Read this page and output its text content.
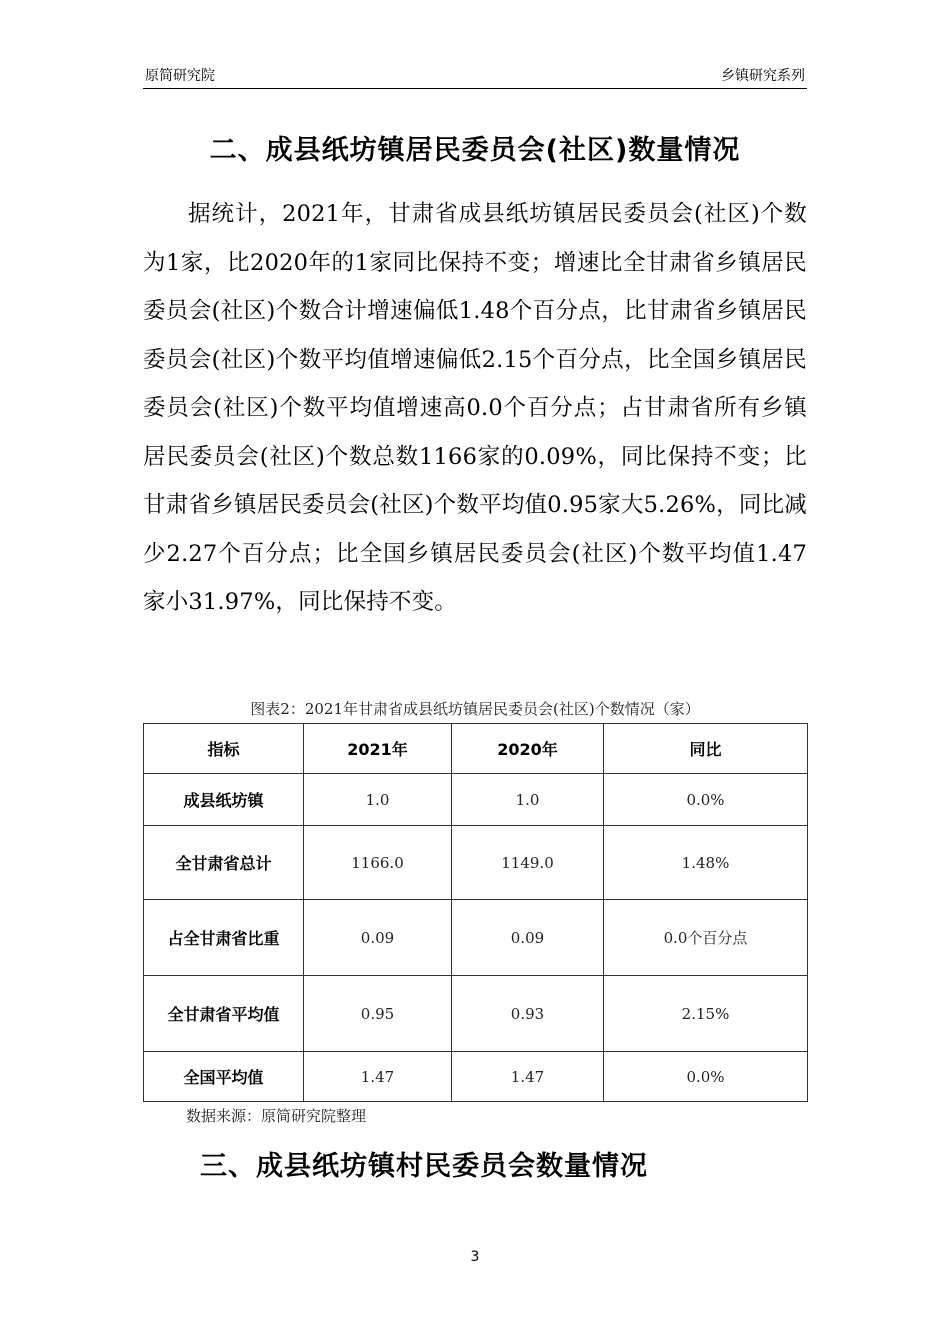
原简研究院	乡镇研究系列
二、成县纸坊镇居民委员会(社区)数量情况

据统计，2021年，甘肃省成县纸坊镇居民委员会(社区)个数为1家，比2020年的1家同比保持不变；增速比全甘肃省乡镇居民委员会(社区)个数合计增速偏低1.48个百分点，比甘肃省乡镇居民委员会(社区)个数平均值增速偏低2.15个百分点，比全国乡镇居民委员会(社区)个数平均值增速高0.0个百分点；占甘肃省所有乡镇居民委员会(社区)个数总数1166家的0.09%，同比保持不变；比甘肃省乡镇居民委员会(社区)个数平均值0.95家大5.26%，同比减少2.27个百分点；比全国乡镇居民委员会(社区)个数平均值1.47家小31.97%，同比保持不变。

图表2：2021年甘肃省成县纸坊镇居民委员会(社区)个数情况（家）
指标	2021年	2020年	同比
成县纸坊镇	1.0	1.0	0.0%
全甘肃省总计	1166.0	1149.0	1.48%
占全甘肃省比重	0.09	0.09	0.0个百分点
全甘肃省平均值	0.95	0.93	2.15%
全国平均值	1.47	1.47	0.0%
数据来源：原简研究院整理
三、成县纸坊镇村民委员会数量情况
3
